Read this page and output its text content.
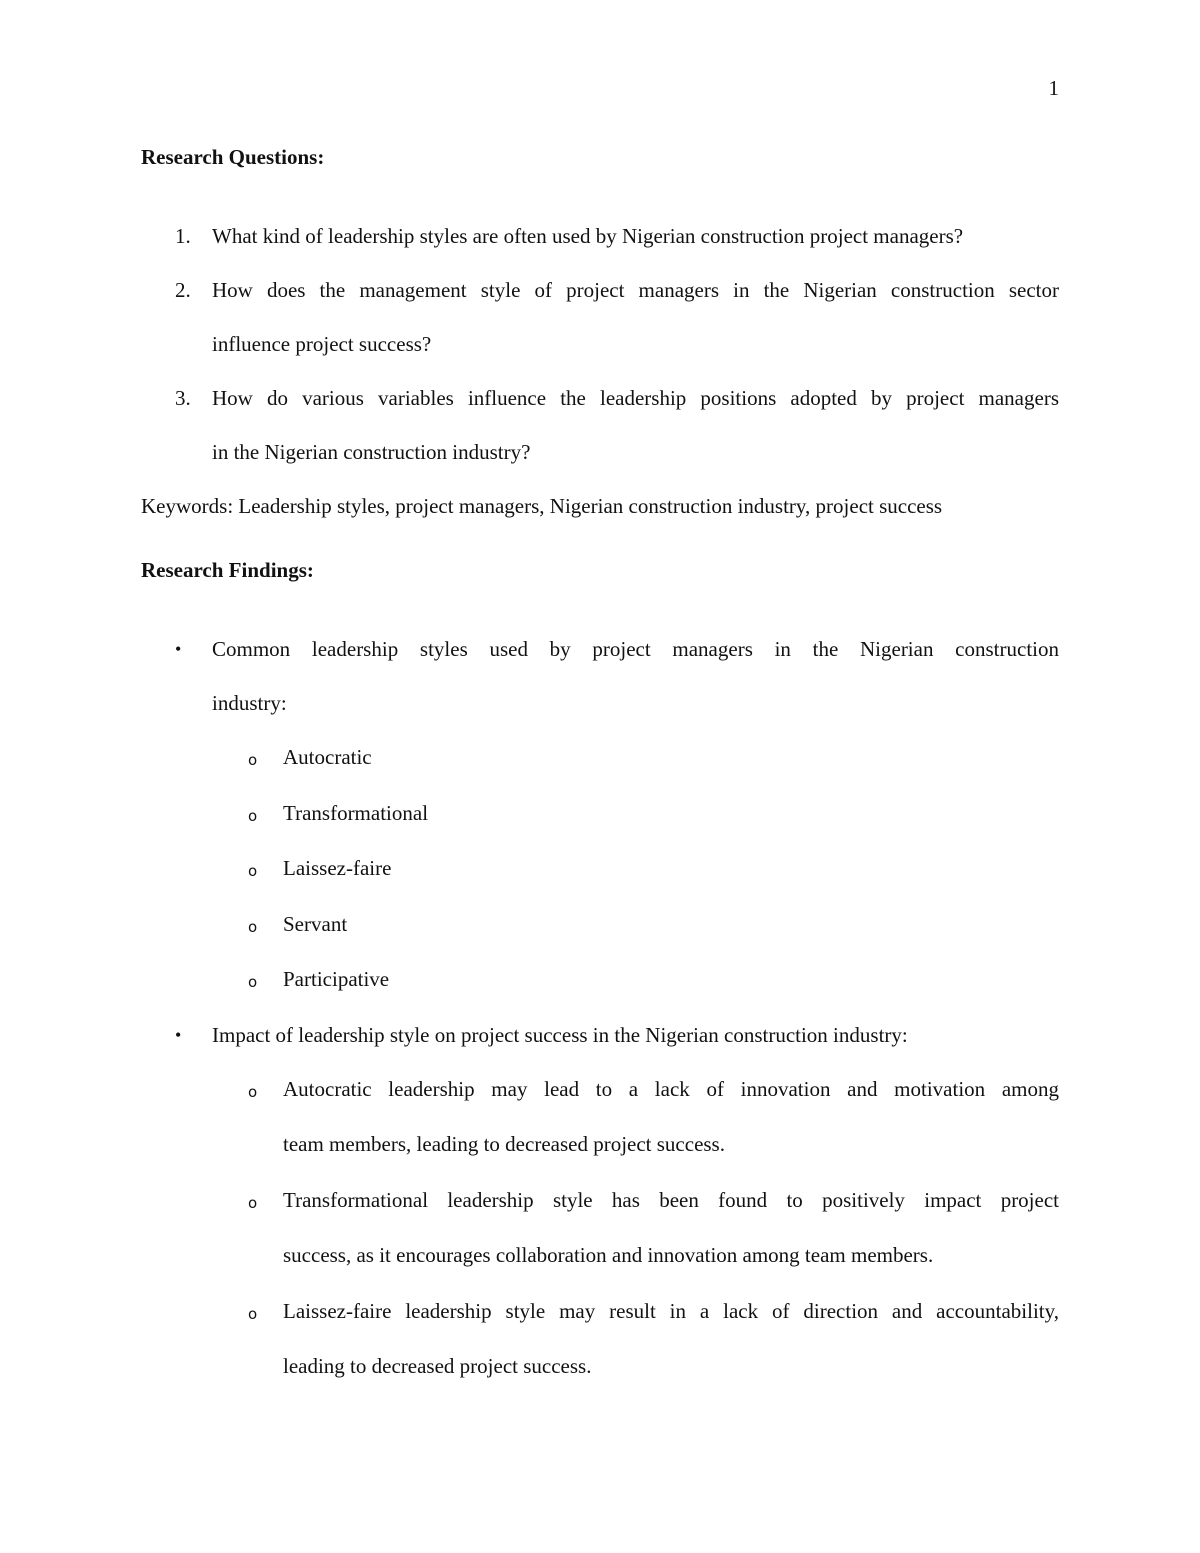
1
Research Questions:
1. What kind of leadership styles are often used by Nigerian construction project managers?
2. How does the management style of project managers in the Nigerian construction sector
influence project success?
3. How do various variables influence the leadership positions adopted by project managers
in the Nigerian construction industry?
Keywords: Leadership styles, project managers, Nigerian construction industry, project success
Research Findings:
• Common leadership styles used by project managers in the Nigerian construction
industry:
o Autocratic
o Transformational
o Laissez-faire
o Servant
o Participative
• Impact of leadership style on project success in the Nigerian construction industry:
o Autocratic leadership may lead to a lack of innovation and motivation among
team members, leading to decreased project success.
o Transformational leadership style has been found to positively impact project
success, as it encourages collaboration and innovation among team members.
o Laissez-faire leadership style may result in a lack of direction and accountability,
leading to decreased project success.
